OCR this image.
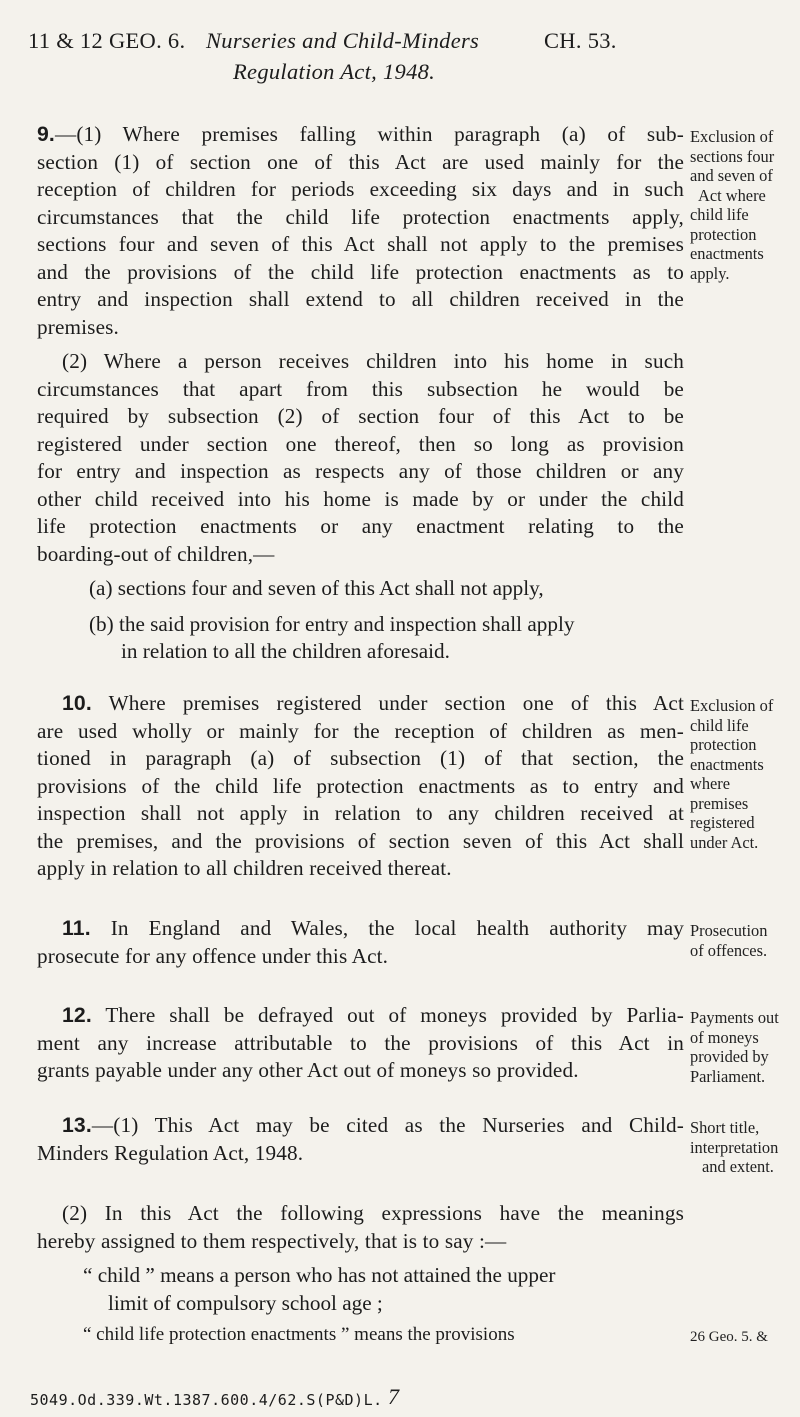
11 & 12 GEO. 6. Nurseries and Child-Minders	CH. 53.
Regulation Act, 1948.

9.—(1) Where premises falling within paragraph (a) of sub-

section (1) of section one of this Act are used mainly for the

reception of children for periods exceeding six days and in such

circumstances that the child life protection enactments apply,

sections four and seven of this Act shall not apply to the premises

and the provisions of the child life protection enactments as to

entry and inspection shall extend to all children received in the

premises.

Exclusion of
sections four
and seven of
Act where
child life
protection
enactments
apply.

(2) Where a person receives children into his home in such

circumstances that apart from this subsection he would be

required by subsection (2) of section four of this Act to be

registered under section one thereof, then so long as provision

for entry and inspection as respects any of those children or any

other child received into his home is made by or under the child

life protection enactments or any enactment relating to the

boarding-out of children,—

(a) sections four and seven of this Act shall not apply,

(b) the said provision for entry and inspection shall apply

in relation to all the children aforesaid.

10. Where premises registered under section one of this Act

are used wholly or mainly for the reception of children as men-

tioned in paragraph (a) of subsection (1) of that section, the

provisions of the child life protection enactments as to entry and

inspection shall not apply in relation to any children received at

the premises, and the provisions of section seven of this Act shall

apply in relation to all children received thereat.

Exclusion of
child life
protection
enactments
where
premises
registered
under Act.

11. In England and Wales, the local health authority may

prosecute for any offence under this Act.

Prosecution
of offences.

12. There shall be defrayed out of moneys provided by Parlia-

ment any increase attributable to the provisions of this Act in

grants payable under any other Act out of moneys so provided.

Payments out
of moneys
provided by
Parliament.

13.—(1) This Act may be cited as the Nurseries and Child-

Minders Regulation Act, 1948.

Short title,
interpretation
and extent.

(2) In this Act the following expressions have the meanings

hereby assigned to them respectively, that is to say :—

“ child ” means a person who has not attained the upper

limit of compulsory school age ;

“ child life protection enactments ” means the provisions	26 Geo. 5. &
5049.Od.339.Wt.1387.600.4/62.S(P&D)L. 7
